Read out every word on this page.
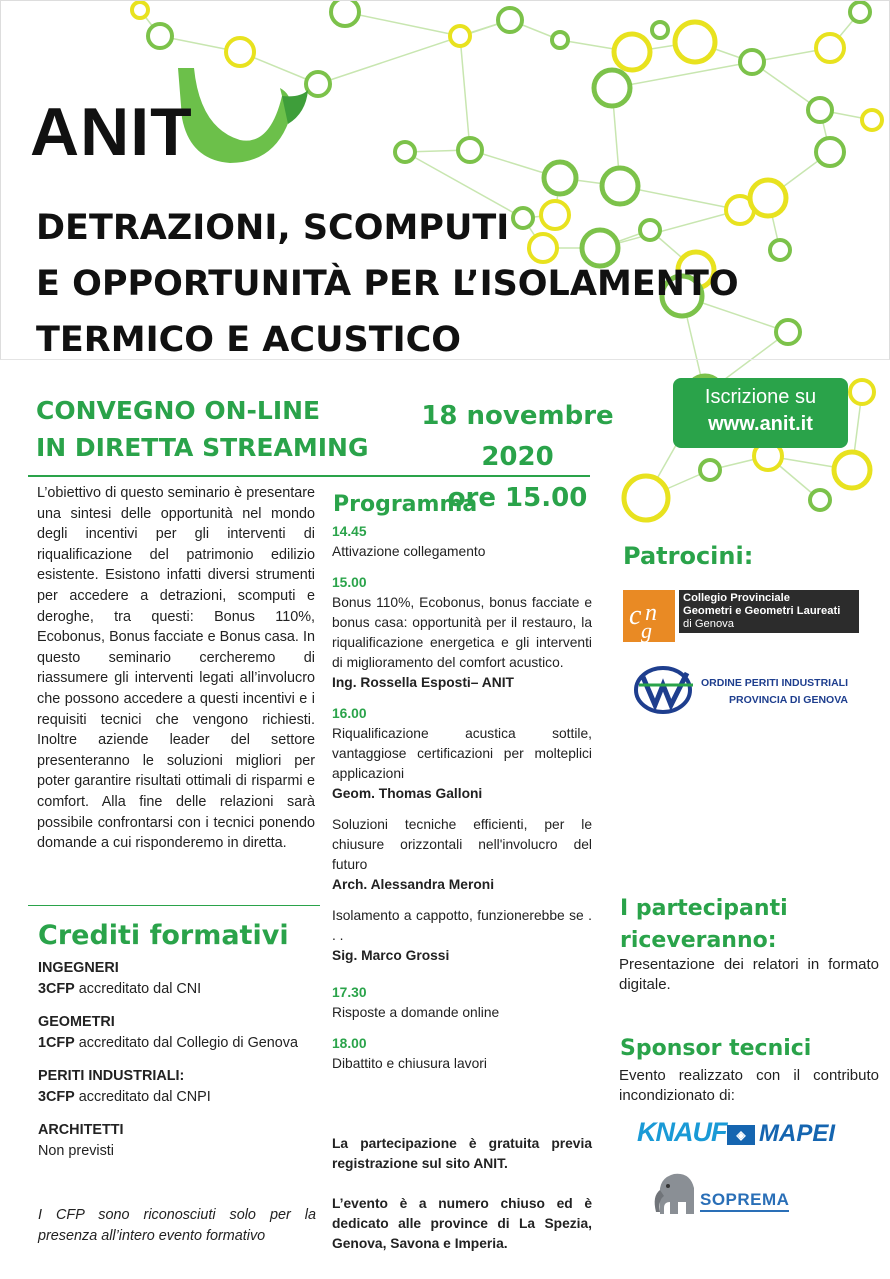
ANIT
DETRAZIONI, SCOMPUTI
E OPPORTUNITÀ PER L’ISOLAMENTO
TERMICO E ACUSTICO
CONVEGNO ON-LINE
IN DIRETTA STREAMING
18 novembre 2020
ore 15.00
Iscrizione su
www.anit.it
L’obiettivo di questo seminario è presentare una sintesi delle opportunità nel mondo degli incentivi per gli interventi di riqualificazione del patrimonio edilizio esistente. Esistono infatti diversi strumenti per accedere a detrazioni, scomputi e deroghe, tra questi: Bonus 110%, Ecobonus, Bonus facciate e Bonus casa. In questo seminario cercheremo di riassumere gli interventi legati all’involucro che possono accedere a questi incentivi e i requisiti tecnici che vengono richiesti. Inoltre aziende leader del settore presenteranno le soluzioni migliori per poter garantire risultati ottimali di risparmi e comfort. Alla fine delle relazioni sarà possibile confrontarsi con i tecnici ponendo domande a cui risponderemo in diretta.
Crediti formativi
INGEGNERI
3CFP accreditato dal CNI
GEOMETRI
1CFP accreditato dal Collegio di Genova
PERITI INDUSTRIALI:
3CFP accreditato dal CNPI
ARCHITETTI
Non previsti
I CFP sono riconosciuti solo per la presenza all’intero evento formativo
Programma
14.45
Attivazione collegamento
15.00
Bonus 110%, Ecobonus, bonus facciate e bonus casa: opportunità per il restauro, la riqualificazione energetica e gli interventi di miglioramento del comfort acustico.
Ing. Rossella Esposti– ANIT
16.00
Riqualificazione acustica sottile, vantaggiose certificazioni per molteplici applicazioni
Geom. Thomas Galloni
Soluzioni tecniche efficienti, per le chiusure orizzontali nell'involucro del futuro
Arch. Alessandra Meroni
Isolamento a cappotto, funzionerebbe se . . .
Sig. Marco Grossi
17.30
Risposte a domande online
18.00
Dibattito e chiusura lavori

La partecipazione è gratuita previa registrazione sul sito ANIT.

L’evento è a numero chiuso ed è dedicato alle province di La Spezia, Genova, Savona e Imperia.

Patrocini:
c n
g
Collegio Provinciale
Geometri e Geometri Laureati
di Genova
ORDINE PERITI INDUSTRIALI
PROVINCIA DI GENOVA
I partecipanti
riceveranno:
Presentazione dei relatori in formato digitale.
Sponsor tecnici
Evento realizzato con il contributo incondizionato di:
KNAUF ◈ MAPEI
SOPREMA
